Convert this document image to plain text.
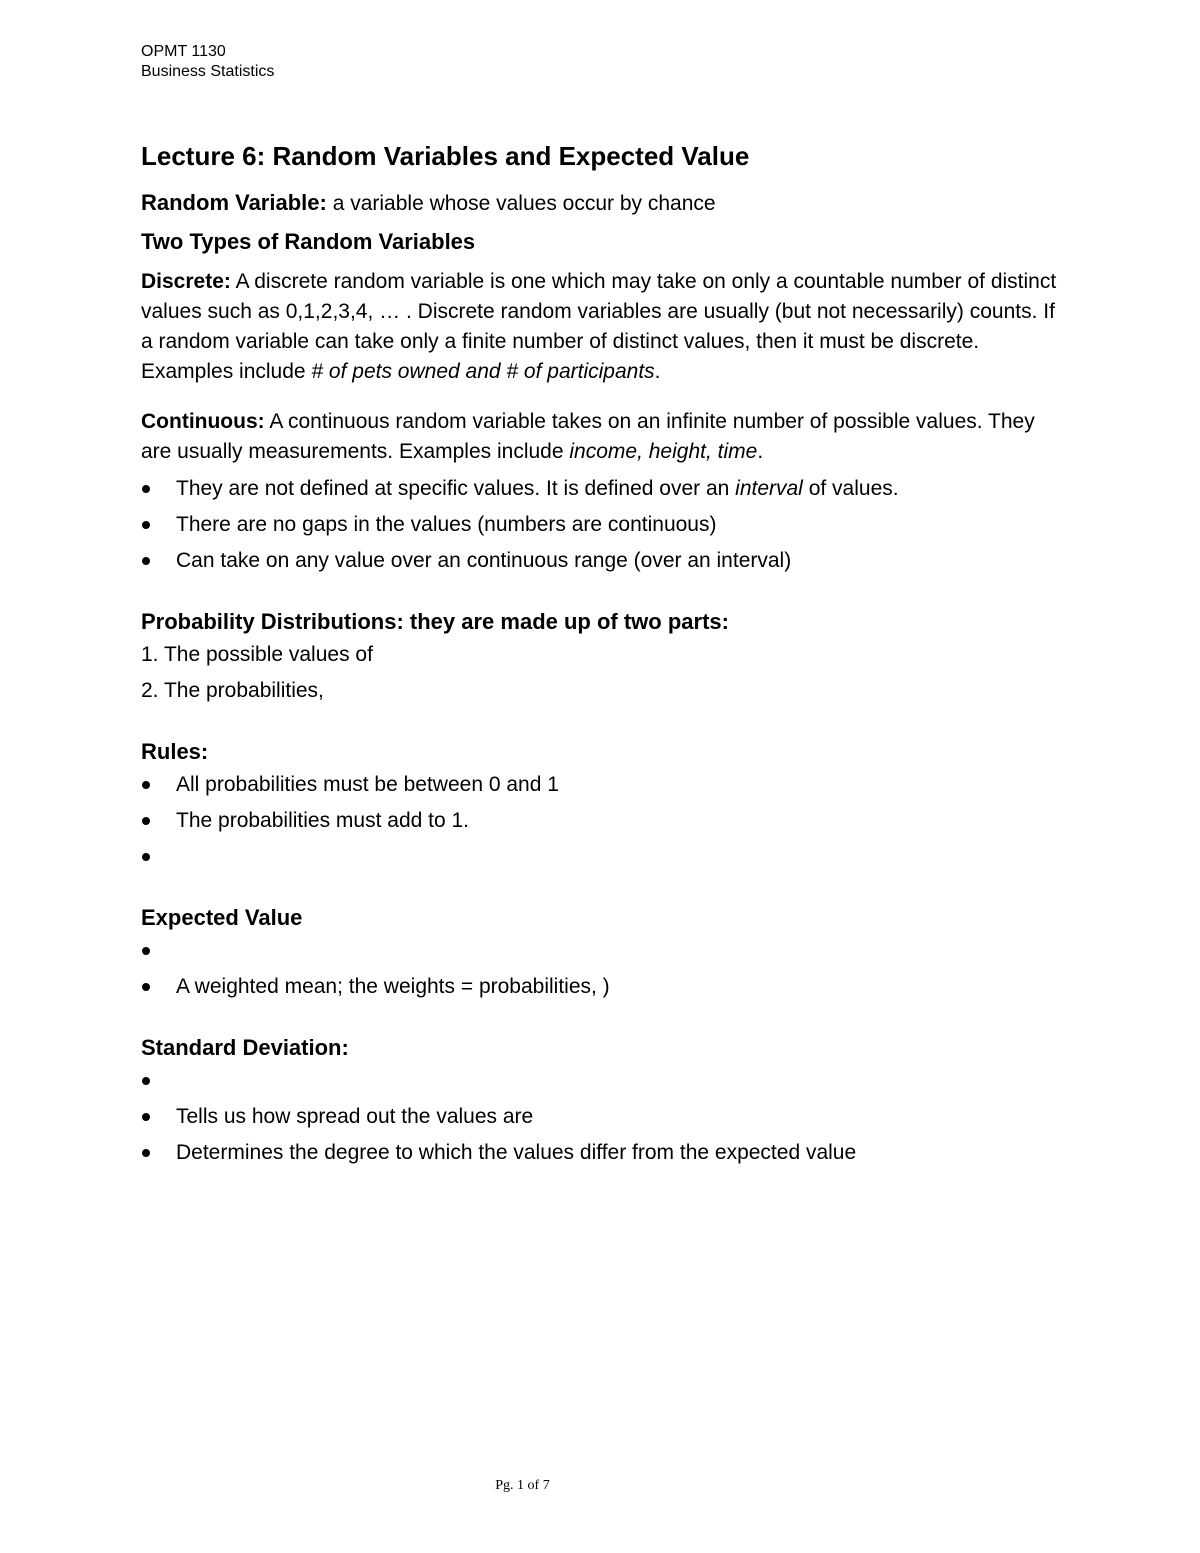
OPMT 1130
Business Statistics
Lecture 6: Random Variables and Expected Value
Random Variable: a variable whose values occur by chance
Two Types of Random Variables
Discrete: A discrete random variable is one which may take on only a countable number of distinct values such as 0,1,2,3,4, … . Discrete random variables are usually (but not necessarily) counts. If a random variable can take only a finite number of distinct values, then it must be discrete. Examples include # of pets owned and # of participants.
Continuous: A continuous random variable takes on an infinite number of possible values. They are usually measurements. Examples include income, height, time.
They are not defined at specific values. It is defined over an interval of values.
There are no gaps in the values (numbers are continuous)
Can take on any value over an continuous range (over an interval)
Probability Distributions: they are made up of two parts:
1. The possible values of
2. The probabilities,
Rules:
All probabilities must be between 0 and 1
The probabilities must add to 1.
Expected Value
A weighted mean; the weights = probabilities, )
Standard Deviation:
Tells us how spread out the values are
Determines the degree to which the values differ from the expected value
Pg. 1 of 7
